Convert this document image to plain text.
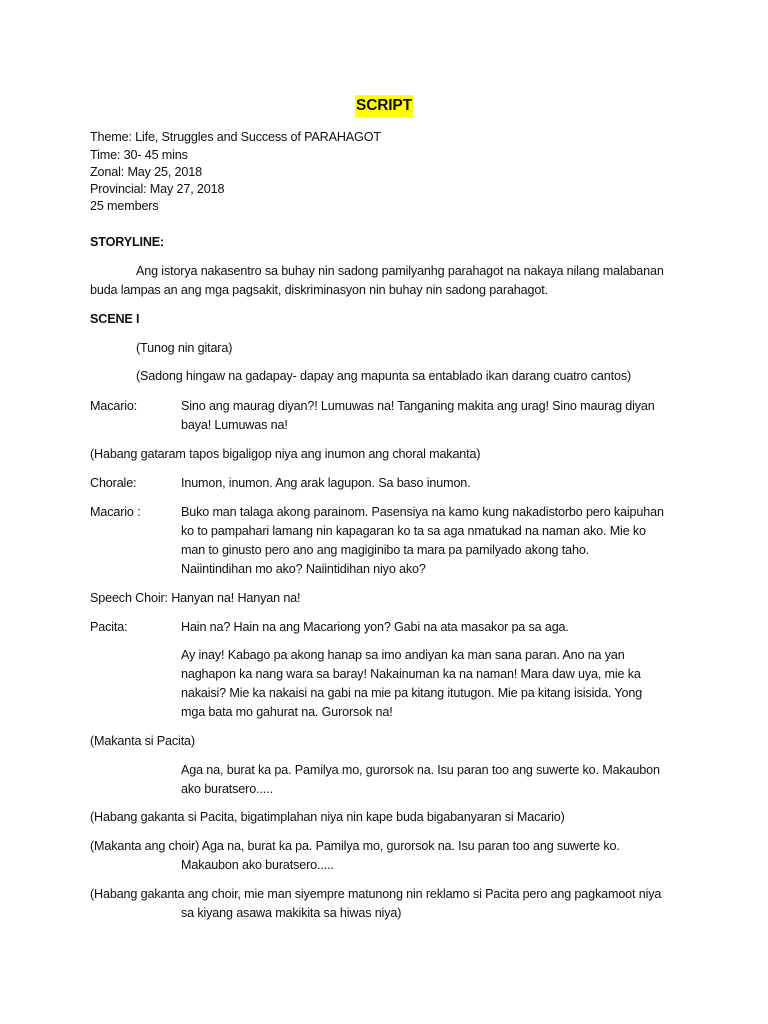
SCRIPT
Theme: Life, Struggles and Success of PARAHAGOT
Time: 30- 45 mins
Zonal: May 25, 2018
Provincial: May 27, 2018
25 members
STORYLINE:
Ang istorya nakasentro sa buhay nin sadong pamilyanhg parahagot na nakaya nilang malabanan
buda lampas an ang mga pagsakit, diskriminasyon nin buhay nin sadong parahagot.
SCENE I
(Tunog nin gitara)
(Sadong hingaw na gadapay- dapay ang mapunta sa entablado ikan darang cuatro cantos)
Macario:	Sino ang maurag diyan?! Lumuwas na! Tanganing makita ang urag! Sino maurag diyan
baya! Lumuwas na!
(Habang gataram tapos bigaligop niya ang inumon ang choral makanta)
Chorale:	Inumon, inumon. Ang arak lagupon. Sa baso inumon.
Macario :	Buko man talaga akong parainom. Pasensiya na kamo kung nakadistorbo pero kaipuhan
ko to pampahari lamang nin kapagaran ko ta sa aga nmatukad na naman ako. Mie ko
man to ginusto pero ano ang magiginibo ta mara pa pamilyado akong taho.
Naiintindihan mo ako? Naiintidihan niyo ako?
Speech Choir: Hanyan na! Hanyan na!
Pacita:	Hain na? Hain na ang Macariong yon? Gabi na ata masakor pa sa aga.
Ay inay! Kabago pa akong hanap sa imo andiyan ka man sana paran. Ano na yan
naghapon ka nang wara sa baray! Nakainuman ka na naman! Mara daw uya, mie ka
nakaisi? Mie ka nakaisi na gabi na mie pa kitang itutugon. Mie pa kitang isisida. Yong
mga bata mo gahurat na. Gurorsok na!
(Makanta si Pacita)
Aga na, burat ka pa. Pamilya mo, gurorsok na. Isu paran too ang suwerte ko. Makaubon
ako buratsero.....
(Habang gakanta si Pacita, bigatimplahan niya nin kape buda bigabanyaran si Macario)
(Makanta ang choir) Aga na, burat ka pa. Pamilya mo, gurorsok na. Isu paran too ang suwerte ko.
Makaubon ako buratsero.....
(Habang gakanta ang choir, mie man siyempre matunong nin reklamo si Pacita pero ang pagkamoot niya
sa kiyang asawa makikita sa hiwas niya)
